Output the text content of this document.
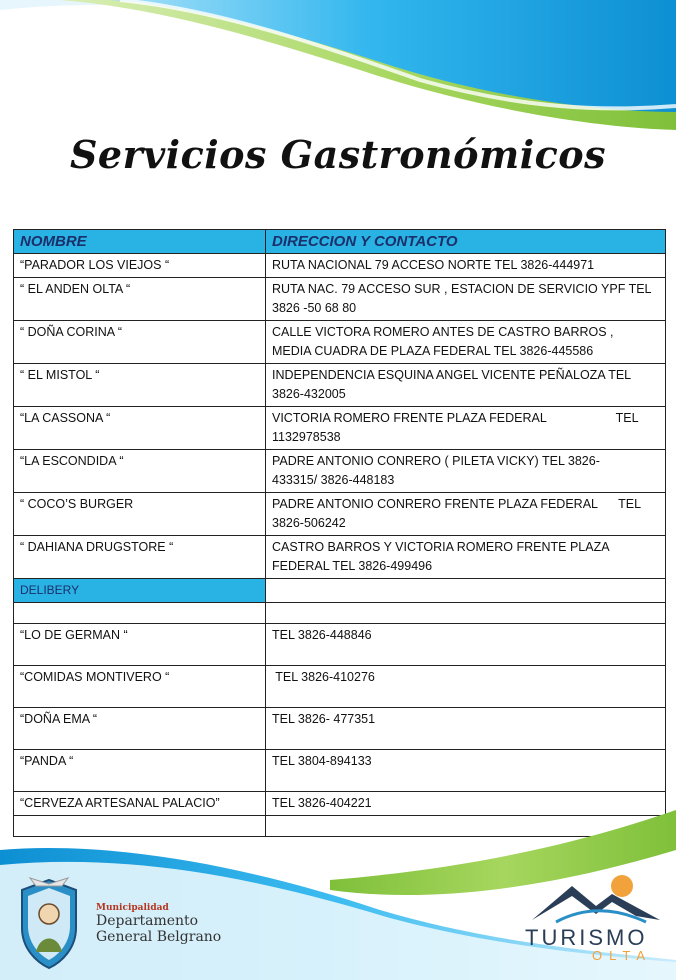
Servicios Gastronómicos
NOMBRE	DIRECCION Y CONTACTO
“PARADOR LOS VIEJOS “	RUTA NACIONAL 79 ACCESO NORTE TEL 3826-444971
“ EL ANDEN OLTA “	RUTA NAC. 79 ACCESO SUR , ESTACION DE SERVICIO YPF TEL
3826 -50 68 80
“ DOÑA CORINA “	CALLE VICTORA ROMERO ANTES DE CASTRO BARROS ,
MEDIA CUADRA DE PLAZA FEDERAL TEL 3826-445586
“ EL MISTOL “	INDEPENDENCIA ESQUINA ANGEL VICENTE PEÑALOZA TEL
3826-432005
“LA CASSONA “	VICTORIA ROMERO FRENTE PLAZA FEDERAL                    TEL
1132978538
“LA ESCONDIDA “	PADRE ANTONIO CONRERO ( PILETA VICKY) TEL 3826-
433315/ 3826-448183
“ COCO’S BURGER	PADRE ANTONIO CONRERO FRENTE PLAZA FEDERAL      TEL
3826-506242
“ DAHIANA DRUGSTORE “	CASTRO BARROS Y VICTORIA ROMERO FRENTE PLAZA
FEDERAL TEL 3826-499496
DELIBERY	

“LO DE GERMAN “	TEL 3826-448846
“COMIDAS MONTIVERO “	TEL 3826-410276
“DOÑA EMA “	TEL 3826- 477351
“PANDA “	TEL 3804-894133
“CERVEZA ARTESANAL PALACIO”	TEL 3826-404221

Municipalidad
Departamento
General Belgrano	TURISMO
OLTA
